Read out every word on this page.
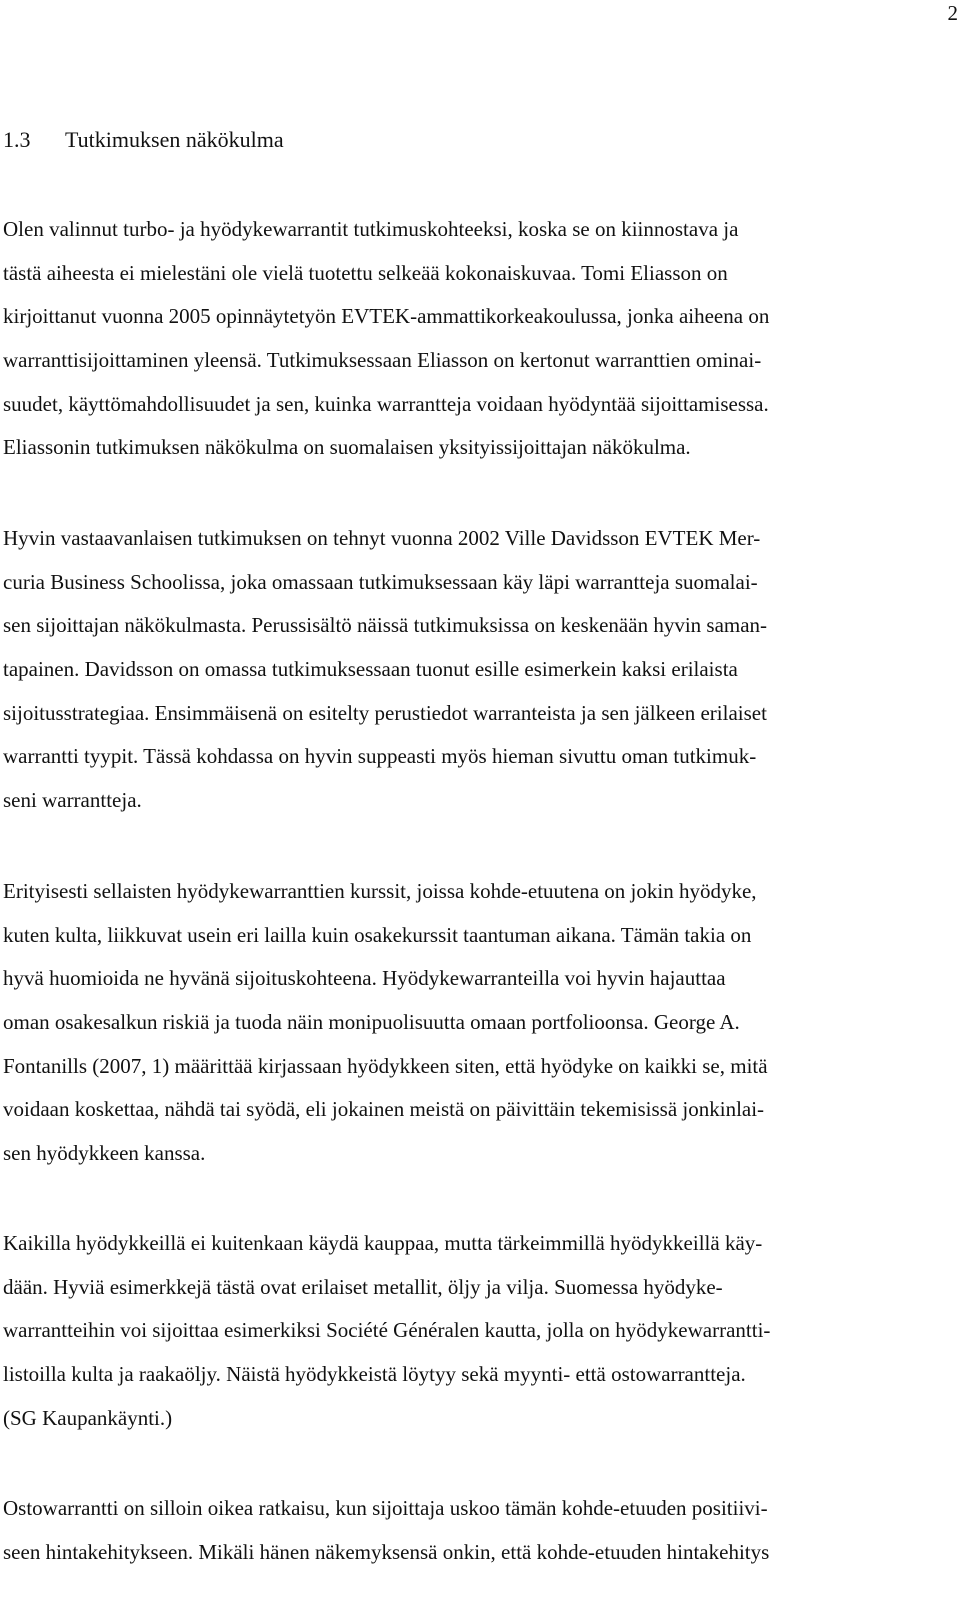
2
1.3 Tutkimuksen näkökulma
Olen valinnut turbo- ja hyödykewarrantit tutkimuskohteeksi, koska se on kiinnostava ja
tästä aiheesta ei mielestäni ole vielä tuotettu selkeää kokonaiskuvaa. Tomi Eliasson on
kirjoittanut vuonna 2005 opinnäytetyön EVTEK-ammattikorkeakoulussa, jonka aiheena on
warranttisijoittaminen yleensä. Tutkimuksessaan Eliasson on kertonut warranttien ominai-
suudet, käyttömahdollisuudet ja sen, kuinka warrantteja voidaan hyödyntää sijoittamisessa.
Eliassonin tutkimuksen näkökulma on suomalaisen yksityissijoittajan näkökulma.
Hyvin vastaavanlaisen tutkimuksen on tehnyt vuonna 2002 Ville Davidsson EVTEK Mer-
curia Business Schoolissa, joka omassaan tutkimuksessaan käy läpi warrantteja suomalai-
sen sijoittajan näkökulmasta. Perussisältö näissä tutkimuksissa on keskenään hyvin saman-
tapainen. Davidsson on omassa tutkimuksessaan tuonut esille esimerkein kaksi erilaista
sijoitusstrategiaa. Ensimmäisenä on esitelty perustiedot warranteista ja sen jälkeen erilaiset
warrantti tyypit. Tässä kohdassa on hyvin suppeasti myös hieman sivuttu oman tutkimuk-
seni warrantteja.
Erityisesti sellaisten hyödykewarranttien kurssit, joissa kohde-etuutena on jokin hyödyke,
kuten kulta, liikkuvat usein eri lailla kuin osakekurssit taantuman aikana. Tämän takia on
hyvä huomioida ne hyvänä sijoituskohteena. Hyödykewarranteilla voi hyvin hajauttaa
oman osakesalkun riskiä ja tuoda näin monipuolisuutta omaan portfolioonsa. George A.
Fontanills (2007, 1) määrittää kirjassaan hyödykkeen siten, että hyödyke on kaikki se, mitä
voidaan koskettaa, nähdä tai syödä, eli jokainen meistä on päivittäin tekemisissä jonkinlai-
sen hyödykkeen kanssa.
Kaikilla hyödykkeillä ei kuitenkaan käydä kauppaa, mutta tärkeimmillä hyödykkeillä käy-
dään. Hyviä esimerkkejä tästä ovat erilaiset metallit, öljy ja vilja. Suomessa hyödyke-
warrantteihin voi sijoittaa esimerkiksi Société Généralen kautta, jolla on hyödykewarrantti-
listoilla kulta ja raakaöljy. Näistä hyödykkeistä löytyy sekä myynti- että ostowarrantteja.
(SG Kaupankäynti.)
Ostowarrantti on silloin oikea ratkaisu, kun sijoittaja uskoo tämän kohde-etuuden positiivi-
seen hintakehitykseen. Mikäli hänen näkemyksensä onkin, että kohde-etuuden hintakehitys
